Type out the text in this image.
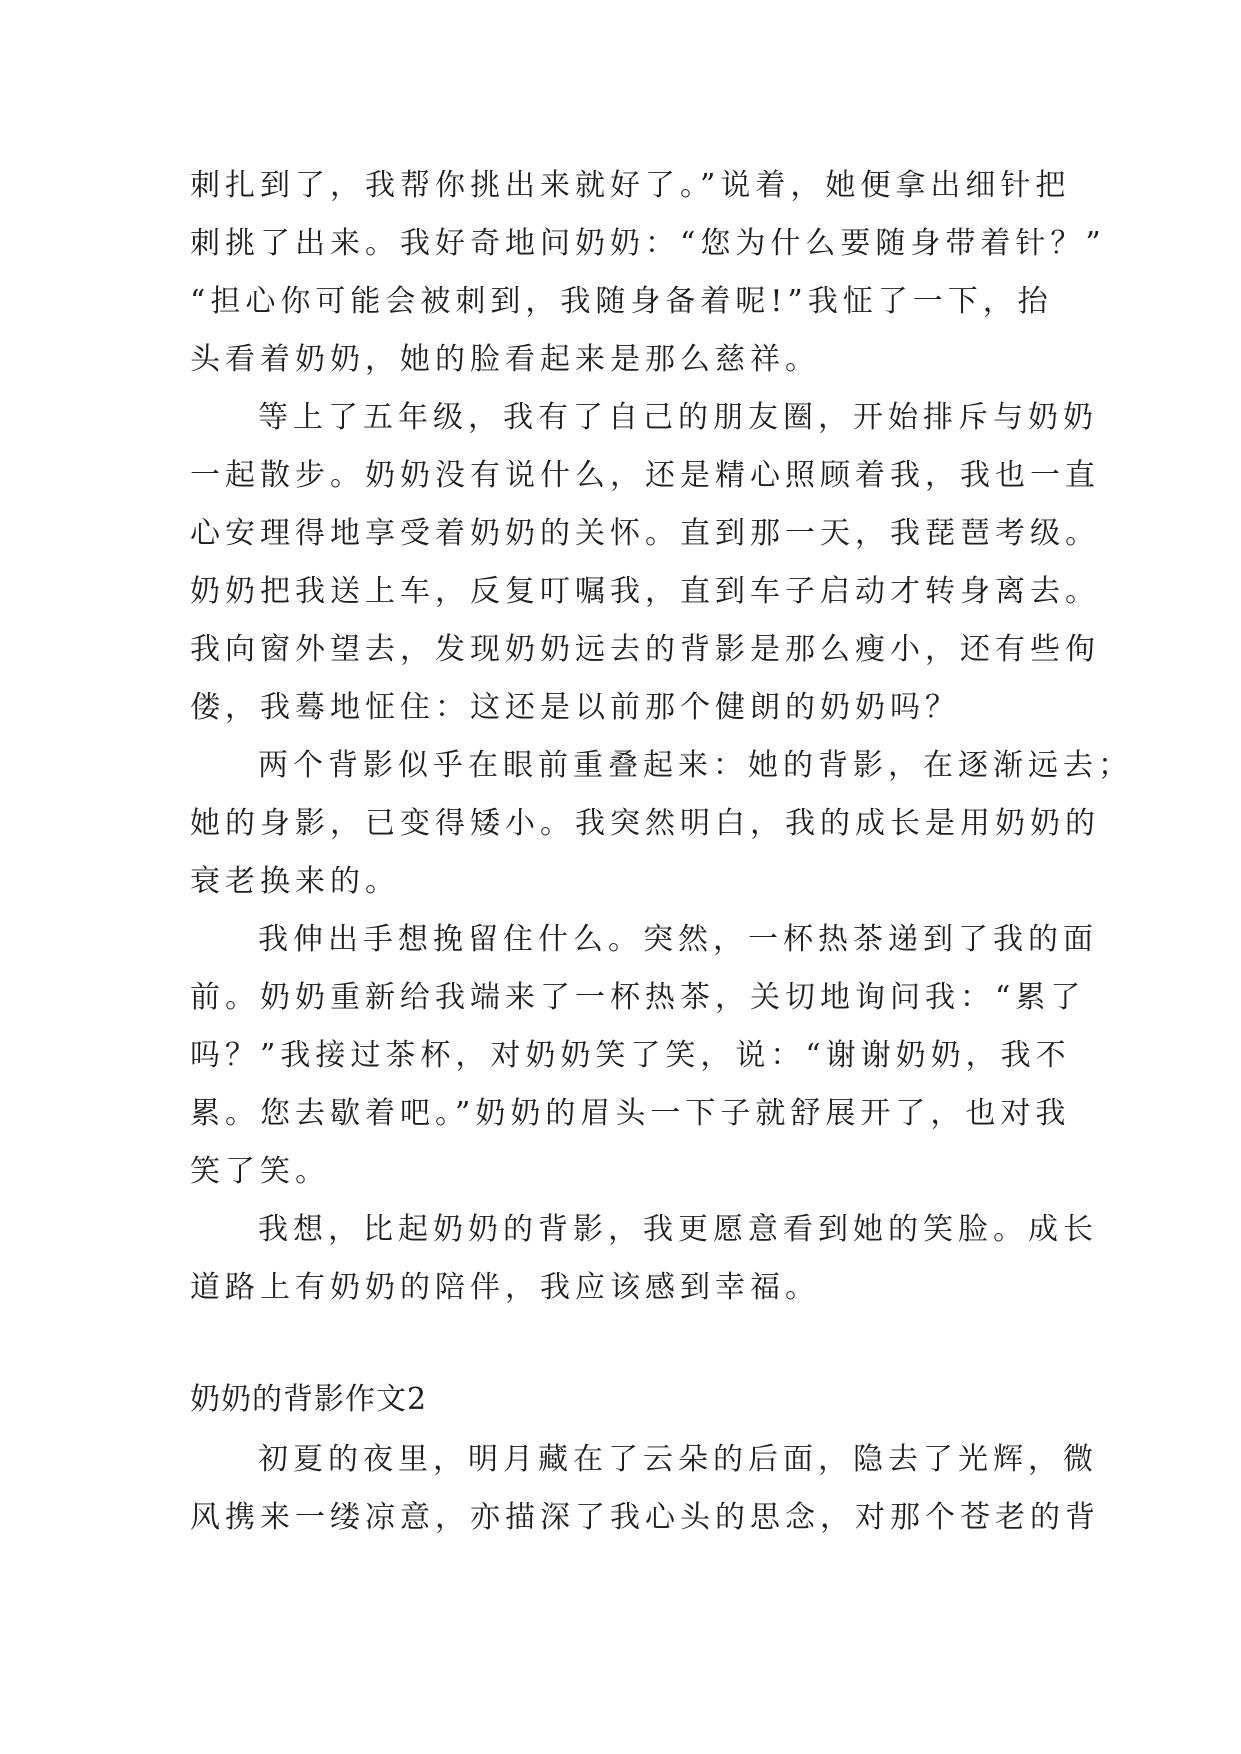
刺扎到了，我帮你挑出来就好了。”说着，她便拿出细针把
刺挑了出来。我好奇地问奶奶：“您为什么要随身带着针？”
“担心你可能会被刺到，我随身备着呢!”我怔了一下，抬
头看着奶奶，她的脸看起来是那么慈祥。
等上了五年级，我有了自己的朋友圈，开始排斥与奶奶
一起散步。奶奶没有说什么，还是精心照顾着我，我也一直
心安理得地享受着奶奶的关怀。直到那一天，我琵琶考级。
奶奶把我送上车，反复叮嘱我，直到车子启动才转身离去。
我向窗外望去，发现奶奶远去的背影是那么瘦小，还有些佝
偻，我蓦地怔住：这还是以前那个健朗的奶奶吗？
两个背影似乎在眼前重叠起来：她的背影，在逐渐远去；
她的身影，已变得矮小。我突然明白，我的成长是用奶奶的
衰老换来的。
我伸出手想挽留住什么。突然，一杯热茶递到了我的面
前。奶奶重新给我端来了一杯热茶，关切地询问我：“累了
吗？”我接过茶杯，对奶奶笑了笑，说：“谢谢奶奶，我不
累。您去歇着吧。”奶奶的眉头一下子就舒展开了，也对我
笑了笑。
我想，比起奶奶的背影，我更愿意看到她的笑脸。成长
道路上有奶奶的陪伴，我应该感到幸福。
奶奶的背影作文2
初夏的夜里，明月藏在了云朵的后面，隐去了光辉，微
风携来一缕凉意，亦描深了我心头的思念，对那个苍老的背
